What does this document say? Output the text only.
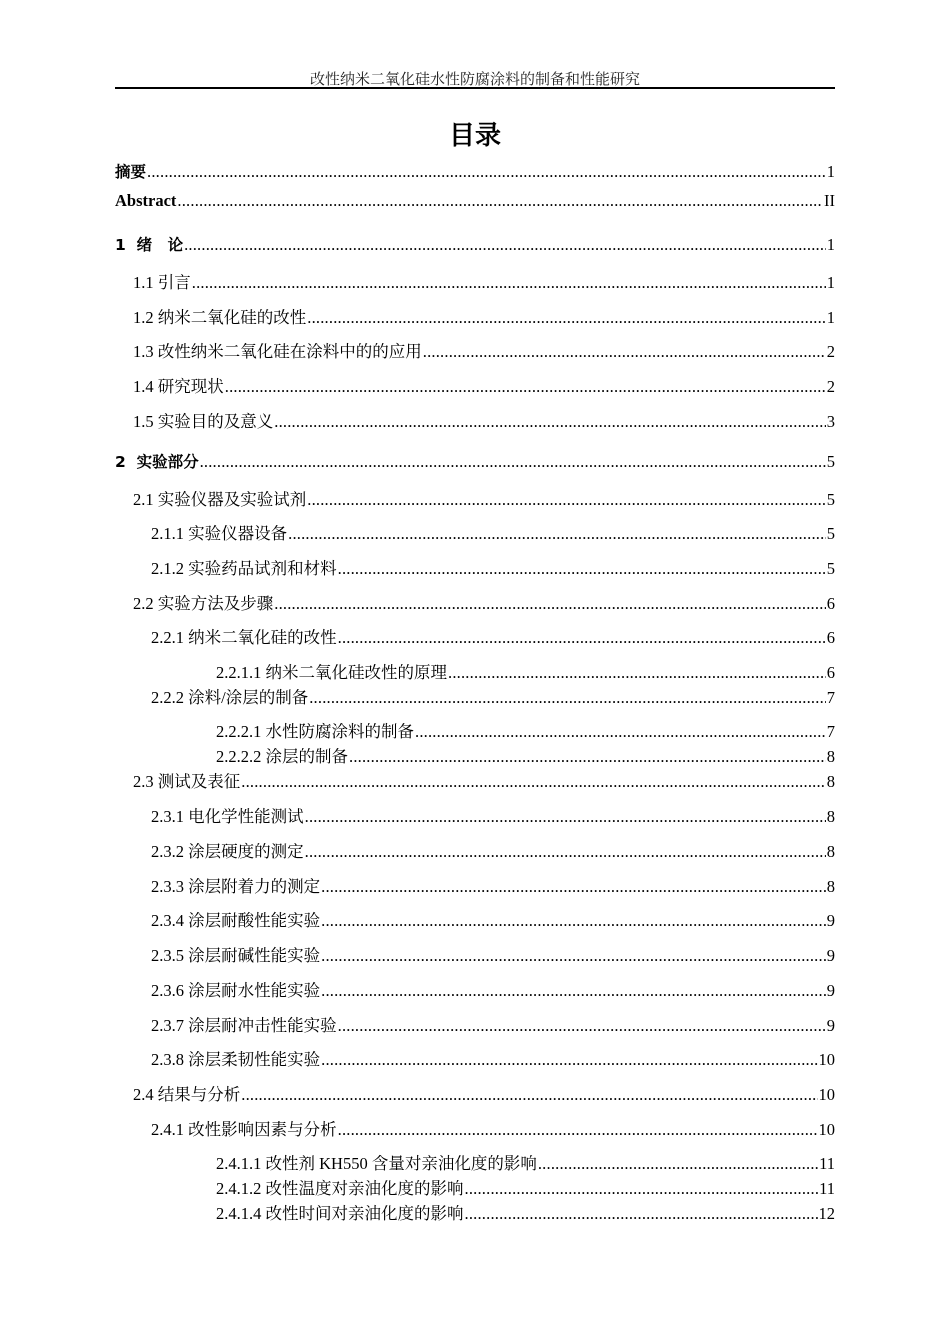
改性纳米二氧化硅水性防腐涂料的制备和性能研究
目录
摘要 .....	1
Abstract .....	II
1  绪　论 .....	1
1.1 引言 .....	1
1.2 纳米二氧化硅的改性 .....	1
1.3 改性纳米二氧化硅在涂料中的的应用 .....	2
1.4 研究现状 .....	2
1.5 实验目的及意义 .....	3
2  实验部分 .....	5
2.1 实验仪器及实验试剂 .....	5
2.1.1 实验仪器设备 .....	5
2.1.2 实验药品试剂和材料 .....	5
2.2 实验方法及步骤 .....	6
2.2.1 纳米二氧化硅的改性 .....	6
2.2.1.1 纳米二氧化硅改性的原理 .....	6
2.2.2 涂料/涂层的制备 .....	7
2.2.2.1 水性防腐涂料的制备 .....	7
2.2.2.2 涂层的制备 .....	8
2.3 测试及表征 .....	8
2.3.1 电化学性能测试 .....	8
2.3.2 涂层硬度的测定 .....	8
2.3.3 涂层附着力的测定 .....	8
2.3.4 涂层耐酸性能实验 .....	9
2.3.5 涂层耐碱性能实验 .....	9
2.3.6 涂层耐水性能实验 .....	9
2.3.7 涂层耐冲击性能实验 .....	9
2.3.8 涂层柔韧性能实验 .....	10
2.4 结果与分析 .....	10
2.4.1 改性影响因素与分析 .....	10
2.4.1.1 改性剂 KH550 含量对亲油化度的影响 .....	11
2.4.1.2 改性温度对亲油化度的影响 .....	11
2.4.1.4 改性时间对亲油化度的影响 .....	12
